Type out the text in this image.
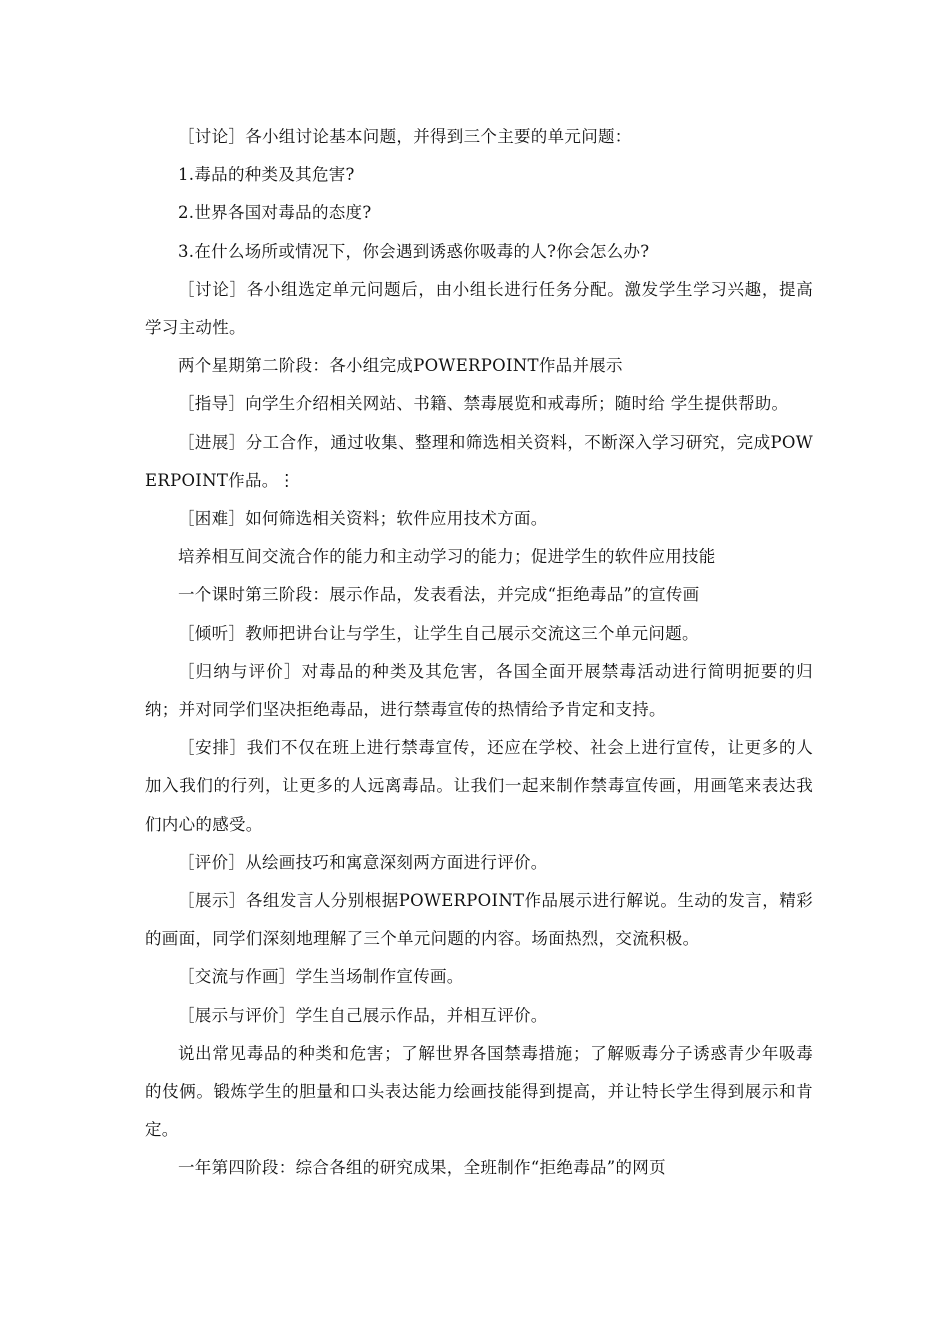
［讨论］各小组讨论基本问题，并得到三个主要的单元问题：

1.毒品的种类及其危害?

2.世界各国对毒品的态度?

3.在什么场所或情况下，你会遇到诱惑你吸毒的人?你会怎么办?

［讨论］各小组选定单元问题后，由小组长进行任务分配。激发学生学习兴趣，提高学习主动性。

两个星期第二阶段：各小组完成POWERPOINT作品并展示

［指导］向学生介绍相关网站、书籍、禁毒展览和戒毒所；随时给 学生提供帮助。

［进展］分工合作，通过收集、整理和筛选相关资料，不断深入学习研究，完成POWERPOINT作品。⋮

［困难］如何筛选相关资料；软件应用技术方面。

培养相互间交流合作的能力和主动学习的能力；促进学生的软件应用技能

一个课时第三阶段：展示作品，发表看法，并完成“拒绝毒品”的宣传画

［倾听］教师把讲台让与学生，让学生自己展示交流这三个单元问题。

［归纳与评价］对毒品的种类及其危害，各国全面开展禁毒活动进行简明扼要的归纳；并对同学们坚决拒绝毒品，进行禁毒宣传的热情给予肯定和支持。

［安排］我们不仅在班上进行禁毒宣传，还应在学校、社会上进行宣传，让更多的人加入我们的行列，让更多的人远离毒品。让我们一起来制作禁毒宣传画，用画笔来表达我们内心的感受。

［评价］从绘画技巧和寓意深刻两方面进行评价。

［展示］各组发言人分别根据POWERPOINT作品展示进行解说。生动的发言，精彩的画面，同学们深刻地理解了三个单元问题的内容。场面热烈，交流积极。

［交流与作画］学生当场制作宣传画。

［展示与评价］学生自己展示作品，并相互评价。

说出常见毒品的种类和危害；了解世界各国禁毒措施；了解贩毒分子诱惑青少年吸毒的伎俩。锻炼学生的胆量和口头表达能力绘画技能得到提高，并让特长学生得到展示和肯定。

一年第四阶段：综合各组的研究成果，全班制作“拒绝毒品”的网页
